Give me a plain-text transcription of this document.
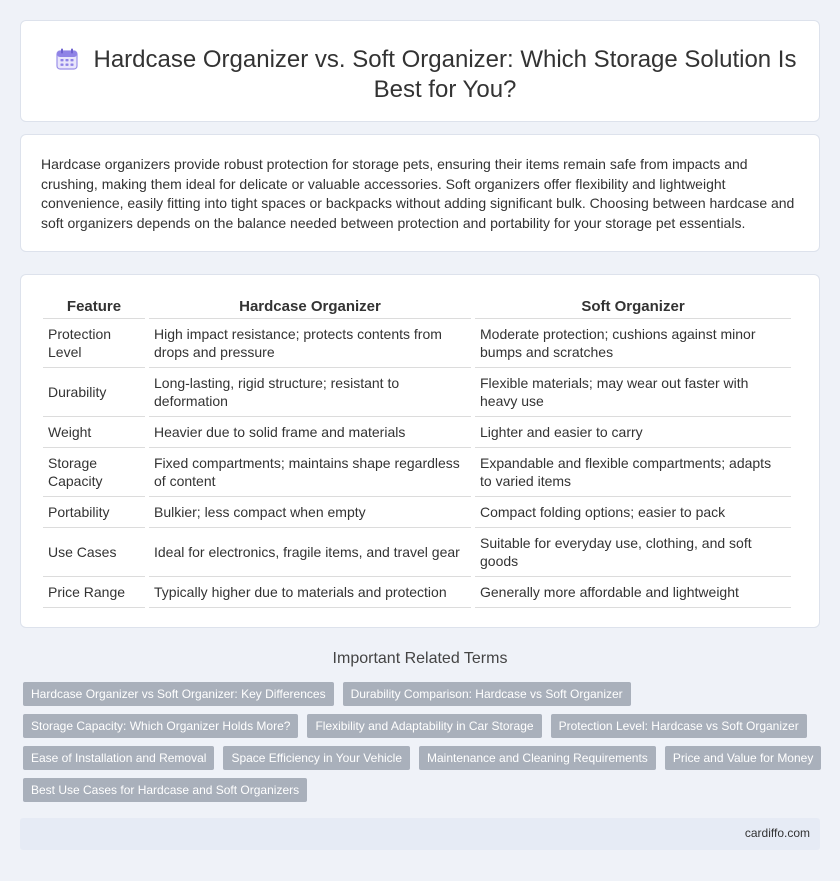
Hardcase Organizer vs. Soft Organizer: Which Storage Solution Is Best for You?

Hardcase organizers provide robust protection for storage pets, ensuring their items remain safe from impacts and crushing, making them ideal for delicate or valuable accessories. Soft organizers offer flexibility and lightweight convenience, easily fitting into tight spaces or backpacks without adding significant bulk. Choosing between hardcase and soft organizers depends on the balance needed between protection and portability for your storage pet essentials.

Feature	Hardcase Organizer	Soft Organizer
Protection Level	High impact resistance; protects contents from drops and pressure	Moderate protection; cushions against minor bumps and scratches
Durability	Long-lasting, rigid structure; resistant to deformation	Flexible materials; may wear out faster with heavy use
Weight	Heavier due to solid frame and materials	Lighter and easier to carry
Storage Capacity	Fixed compartments; maintains shape regardless of content	Expandable and flexible compartments; adapts to varied items
Portability	Bulkier; less compact when empty	Compact folding options; easier to pack
Use Cases	Ideal for electronics, fragile items, and travel gear	Suitable for everyday use, clothing, and soft goods
Price Range	Typically higher due to materials and protection	Generally more affordable and lightweight
Important Related Terms
Hardcase Organizer vs Soft Organizer: Key Differences	Durability Comparison: Hardcase vs Soft Organizer
Storage Capacity: Which Organizer Holds More?	Flexibility and Adaptability in Car Storage	Protection Level: Hardcase vs Soft Organizer
Ease of Installation and Removal	Space Efficiency in Your Vehicle	Maintenance and Cleaning Requirements	Price and Value for Money
Best Use Cases for Hardcase and Soft Organizers
cardiffo.com
